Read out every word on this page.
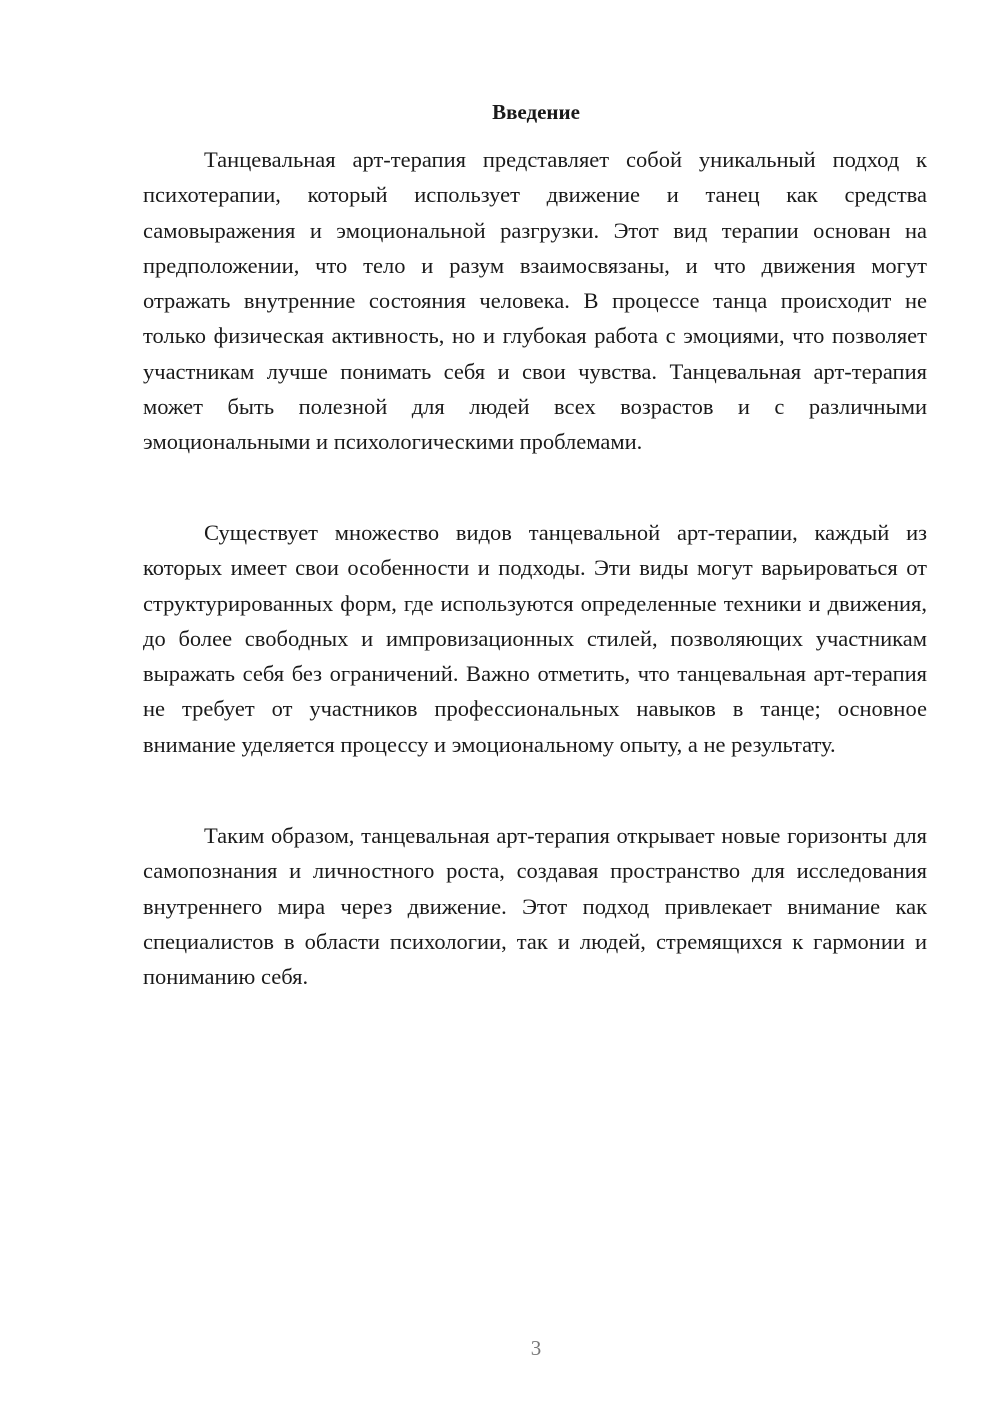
Введение

Танцевальная арт-терапия представляет собой уникальный подход к психотерапии, который использует движение и танец как средства самовыражения и эмоциональной разгрузки. Этот вид терапии основан на предположении, что тело и разум взаимосвязаны, и что движения могут отражать внутренние состояния человека. В процессе танца происходит не только физическая активность, но и глубокая работа с эмоциями, что позволяет участникам лучше понимать себя и свои чувства. Танцевальная арт-терапия может быть полезной для людей всех возрастов и с различными эмоциональными и психологическими проблемами.

Существует множество видов танцевальной арт-терапии, каждый из которых имеет свои особенности и подходы. Эти виды могут варьироваться от структурированных форм, где используются определенные техники и движения, до более свободных и импровизационных стилей, позволяющих участникам выражать себя без ограничений. Важно отметить, что танцевальная арт-терапия не требует от участников профессиональных навыков в танце; основное внимание уделяется процессу и эмоциональному опыту, а не результату.

Таким образом, танцевальная арт-терапия открывает новые горизонты для самопознания и личностного роста, создавая пространство для исследования внутреннего мира через движение. Этот подход привлекает внимание как специалистов в области психологии, так и людей, стремящихся к гармонии и пониманию себя.

3
